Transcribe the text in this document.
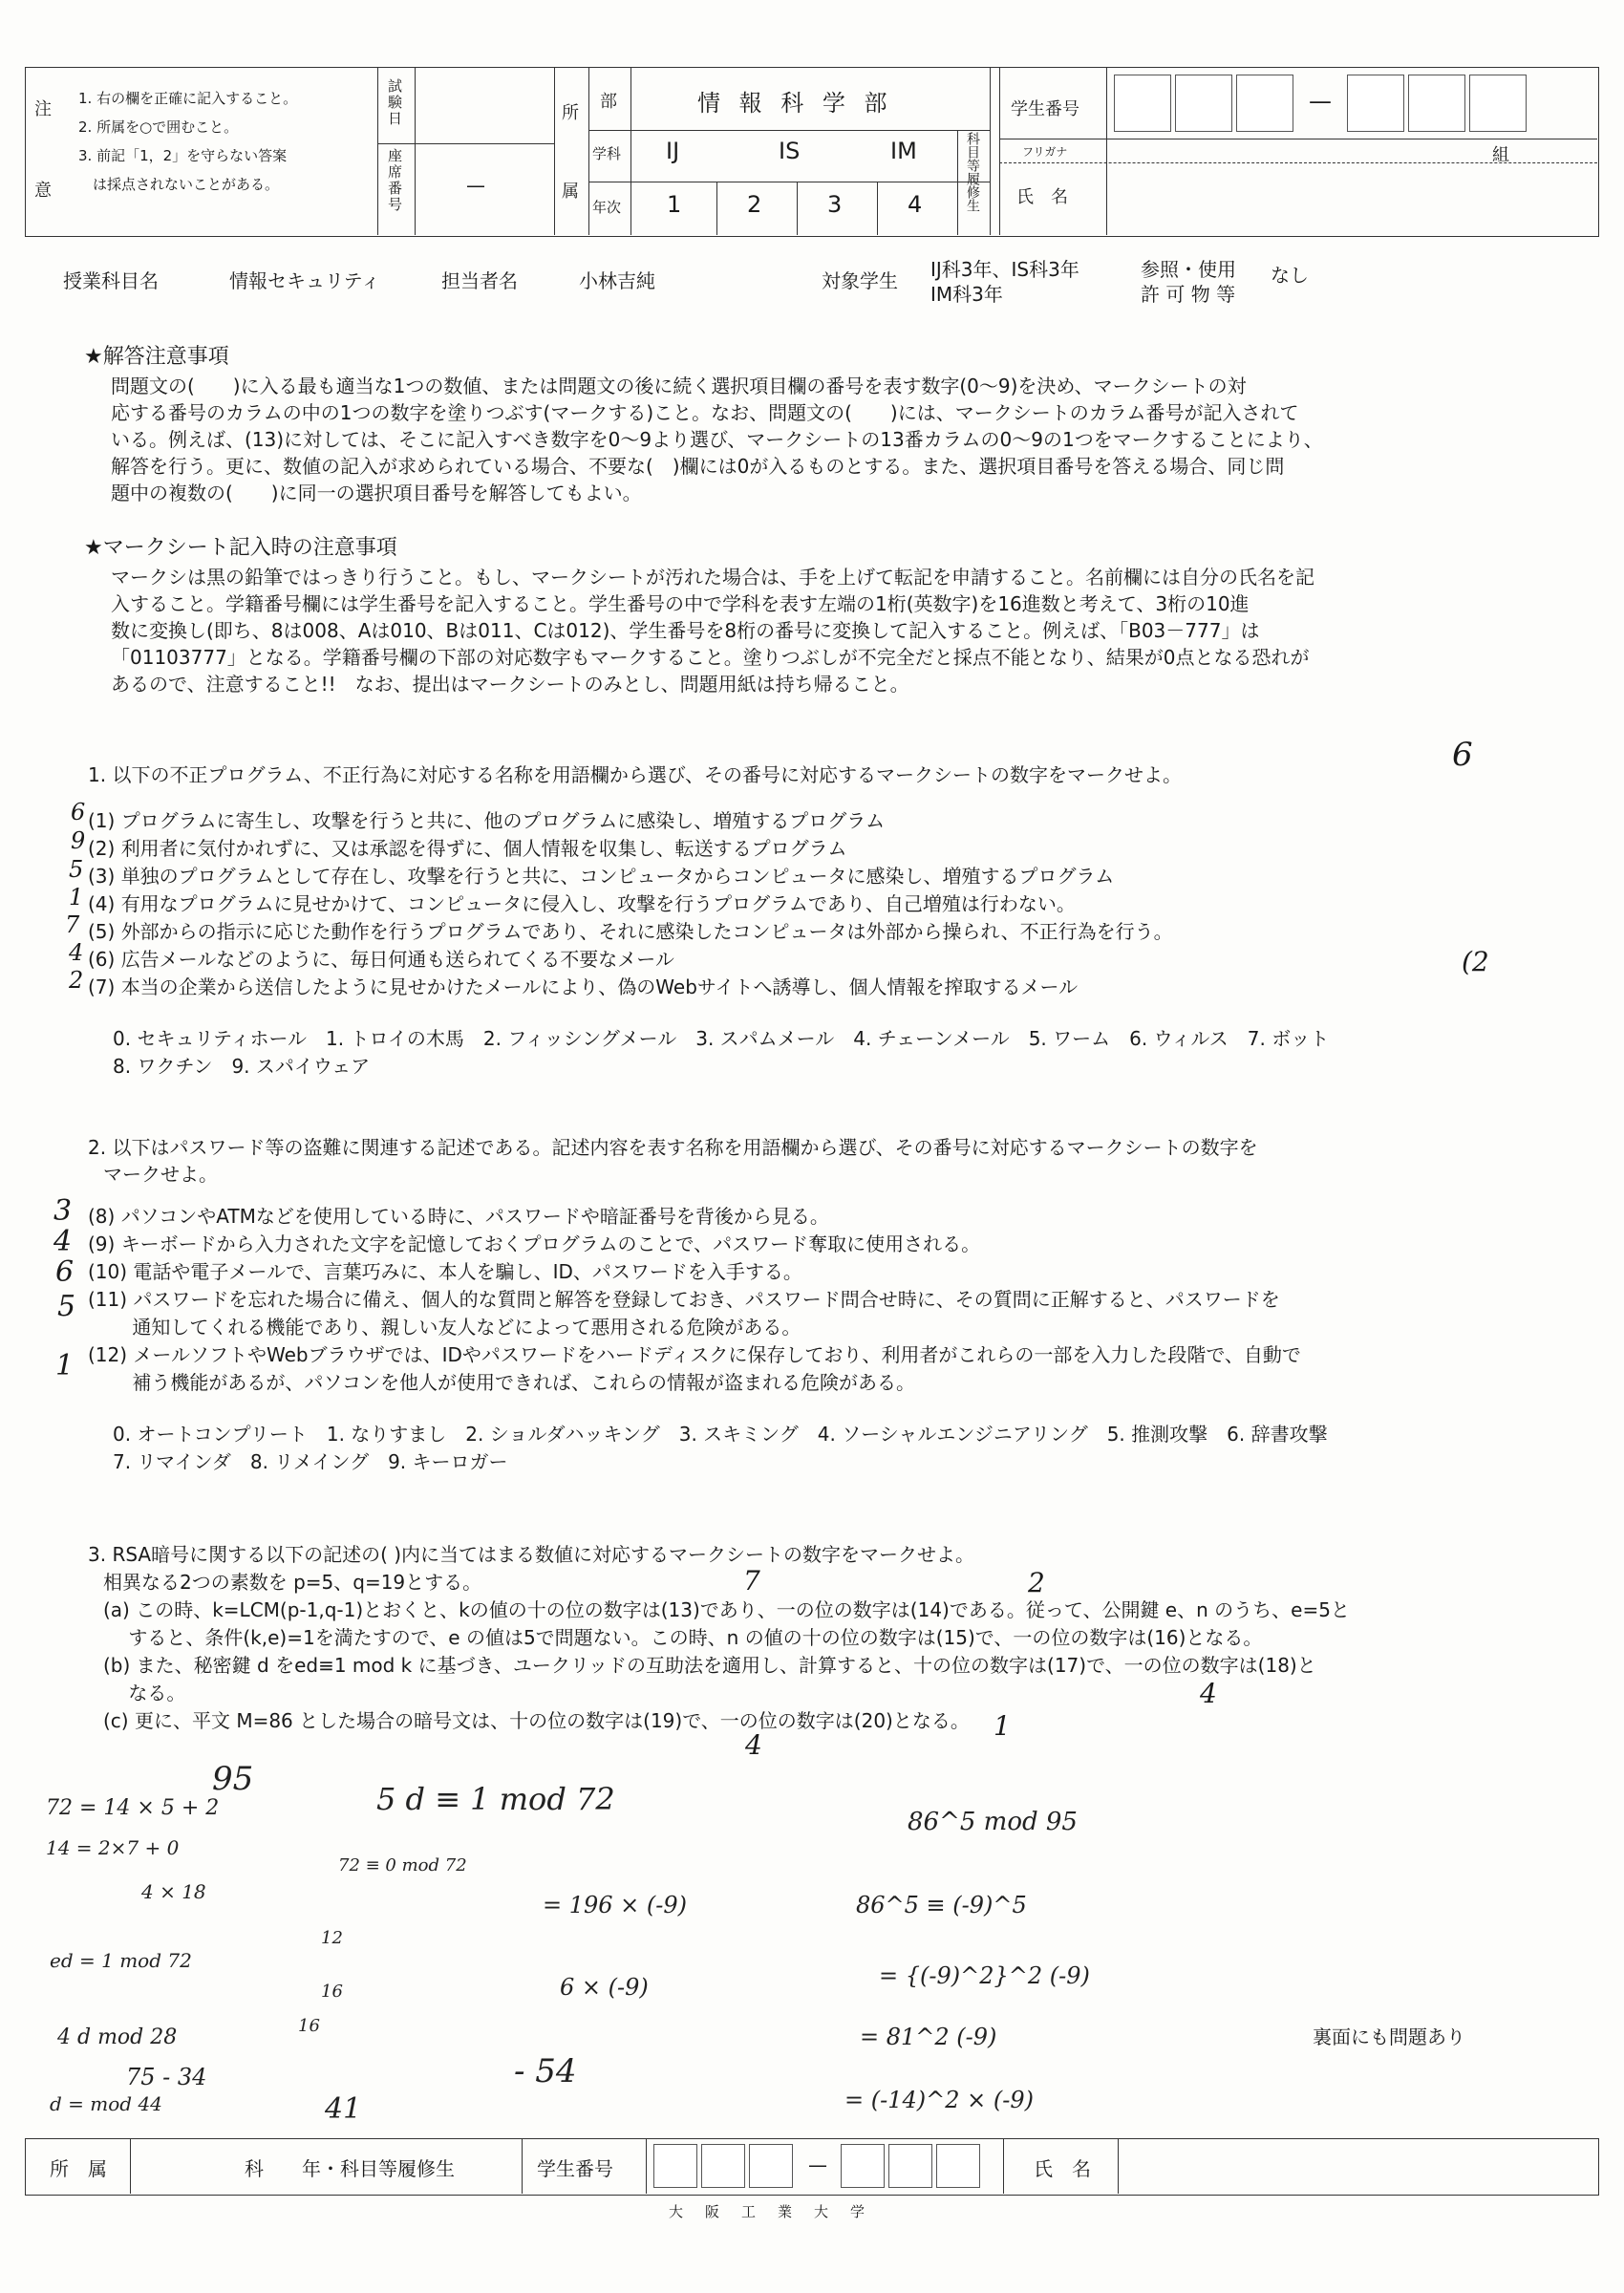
注
意
1. 右の欄を正確に記入すること。
2. 所属を○で囲むこと。
3. 前記「1，2」を守らない答案
　は採点されないことがある。
試験日
座席番号	—
所
属
部	情 報 科 学 部
学科 IJ	IS	IM
年次 1	2	3	4	科目等履修生
学生番号	—
フリガナ	組
氏　名
授業科目名	情報セキュリティ	担当者名	小林吉純	対象学生 IJ科3年、IS科3年
IM科3年
参照・使用
許 可 物 等
なし
★解答注意事項
問題文の(　　)に入る最も適当な1つの数値、または問題文の後に続く選択項目欄の番号を表す数字(0～9)を決め、マークシートの対
応する番号のカラムの中の1つの数字を塗りつぶす(マークする)こと。なお、問題文の(　　)には、マークシートのカラム番号が記入されて
いる。例えば、(13)に対しては、そこに記入すべき数字を0～9より選び、マークシートの13番カラムの0～9の1つをマークすることにより、
解答を行う。更に、数値の記入が求められている場合、不要な(　)欄には0が入るものとする。また、選択項目番号を答える場合、同じ問
題中の複数の(　　)に同一の選択項目番号を解答してもよい。
★マークシート記入時の注意事項
マークシは黒の鉛筆ではっきり行うこと。もし、マークシートが汚れた場合は、手を上げて転記を申請すること。名前欄には自分の氏名を記
入すること。学籍番号欄には学生番号を記入すること。学生番号の中で学科を表す左端の1桁(英数字)を16進数と考えて、3桁の10進
数に変換し(即ち、8は008、Aは010、Bは011、Cは012)、学生番号を8桁の番号に変換して記入すること。例えば、「B03－777」は
「01103777」となる。学籍番号欄の下部の対応数字もマークすること。塗りつぶしが不完全だと採点不能となり、結果が0点となる恐れが
あるので、注意すること!!　なお、提出はマークシートのみとし、問題用紙は持ち帰ること。
1. 以下の不正プログラム、不正行為に対応する名称を用語欄から選び、その番号に対応するマークシートの数字をマークせよ。
(1) プログラムに寄生し、攻撃を行うと共に、他のプログラムに感染し、増殖するプログラム
(2) 利用者に気付かれずに、又は承認を得ずに、個人情報を収集し、転送するプログラム
(3) 単独のプログラムとして存在し、攻撃を行うと共に、コンピュータからコンピュータに感染し、増殖するプログラム
(4) 有用なプログラムに見せかけて、コンピュータに侵入し、攻撃を行うプログラムであり、自己増殖は行わない。
(5) 外部からの指示に応じた動作を行うプログラムであり、それに感染したコンピュータは外部から操られ、不正行為を行う。
(6) 広告メールなどのように、毎日何通も送られてくる不要なメール
(7) 本当の企業から送信したように見せかけたメールにより、偽のWebサイトへ誘導し、個人情報を搾取するメール
0. セキュリティホール　1. トロイの木馬　2. フィッシングメール　3. スパムメール　4. チェーンメール　5. ワーム　6. ウィルス　7. ボット
8. ワクチン　9. スパイウェア
6
9
5
1
7
4
2
6
(2
2. 以下はパスワード等の盗難に関連する記述である。記述内容を表す名称を用語欄から選び、その番号に対応するマークシートの数字を
マークせよ。
(8) パソコンやATMなどを使用している時に、パスワードや暗証番号を背後から見る。
(9) キーボードから入力された文字を記憶しておくプログラムのことで、パスワード奪取に使用される。
(10) 電話や電子メールで、言葉巧みに、本人を騙し、ID、パスワードを入手する。
(11) パスワードを忘れた場合に備え、個人的な質問と解答を登録しておき、パスワード問合せ時に、その質問に正解すると、パスワードを
　　 通知してくれる機能であり、親しい友人などによって悪用される危険がある。
(12) メールソフトやWebブラウザでは、IDやパスワードをハードディスクに保存しており、利用者がこれらの一部を入力した段階で、自動で
　　 補う機能があるが、パソコンを他人が使用できれば、これらの情報が盗まれる危険がある。
0. オートコンプリート　1. なりすまし　2. ショルダハッキング　3. スキミング　4. ソーシャルエンジニアリング　5. 推測攻撃　6. 辞書攻撃
7. リマインダ　8. リメイング　9. キーロガー
3
4
6
5
1
3. RSA暗号に関する以下の記述の( )内に当てはまる数値に対応するマークシートの数字をマークせよ。
相異なる2つの素数を p=5、q=19とする。
(a) この時、k=LCM(p-1,q-1)とおくと、kの値の十の位の数字は(13)であり、一の位の数字は(14)である。従って、公開鍵 e、n のうち、e=5と
　 すると、条件(k,e)=1を満たすので、e の値は5で問題ない。この時、n の値の十の位の数字は(15)で、一の位の数字は(16)となる。
(b) また、秘密鍵 d をed≡1 mod k に基づき、ユークリッドの互助法を適用し、計算すると、十の位の数字は(17)で、一の位の数字は(18)と
　 なる。
(c) 更に、平文 M=86 とした場合の暗号文は、十の位の数字は(19)で、一の位の数字は(20)となる。
7	2
4
4
1
72 = 14 × 5 + 2
14 = 2×7 + 0
4 × 18
ed = 1 mod 72
4 d mod 28
d = mod 44
75 - 34
95
41
5 d ≡ 1 mod 72
72 ≡ 0 mod 72
= 196 × (-9)
6 × (-9)
- 54
12
16
16
86^5 mod 95
86^5 ≡ (-9)^5
= {(-9)^2}^2 (-9)
= 81^2 (-9)
= (-14)^2 × (-9)
裏面にも問題あり
所　属	科　　年・科目等履修生	学生番号	—	氏　名
大　阪　工　業　大　学
